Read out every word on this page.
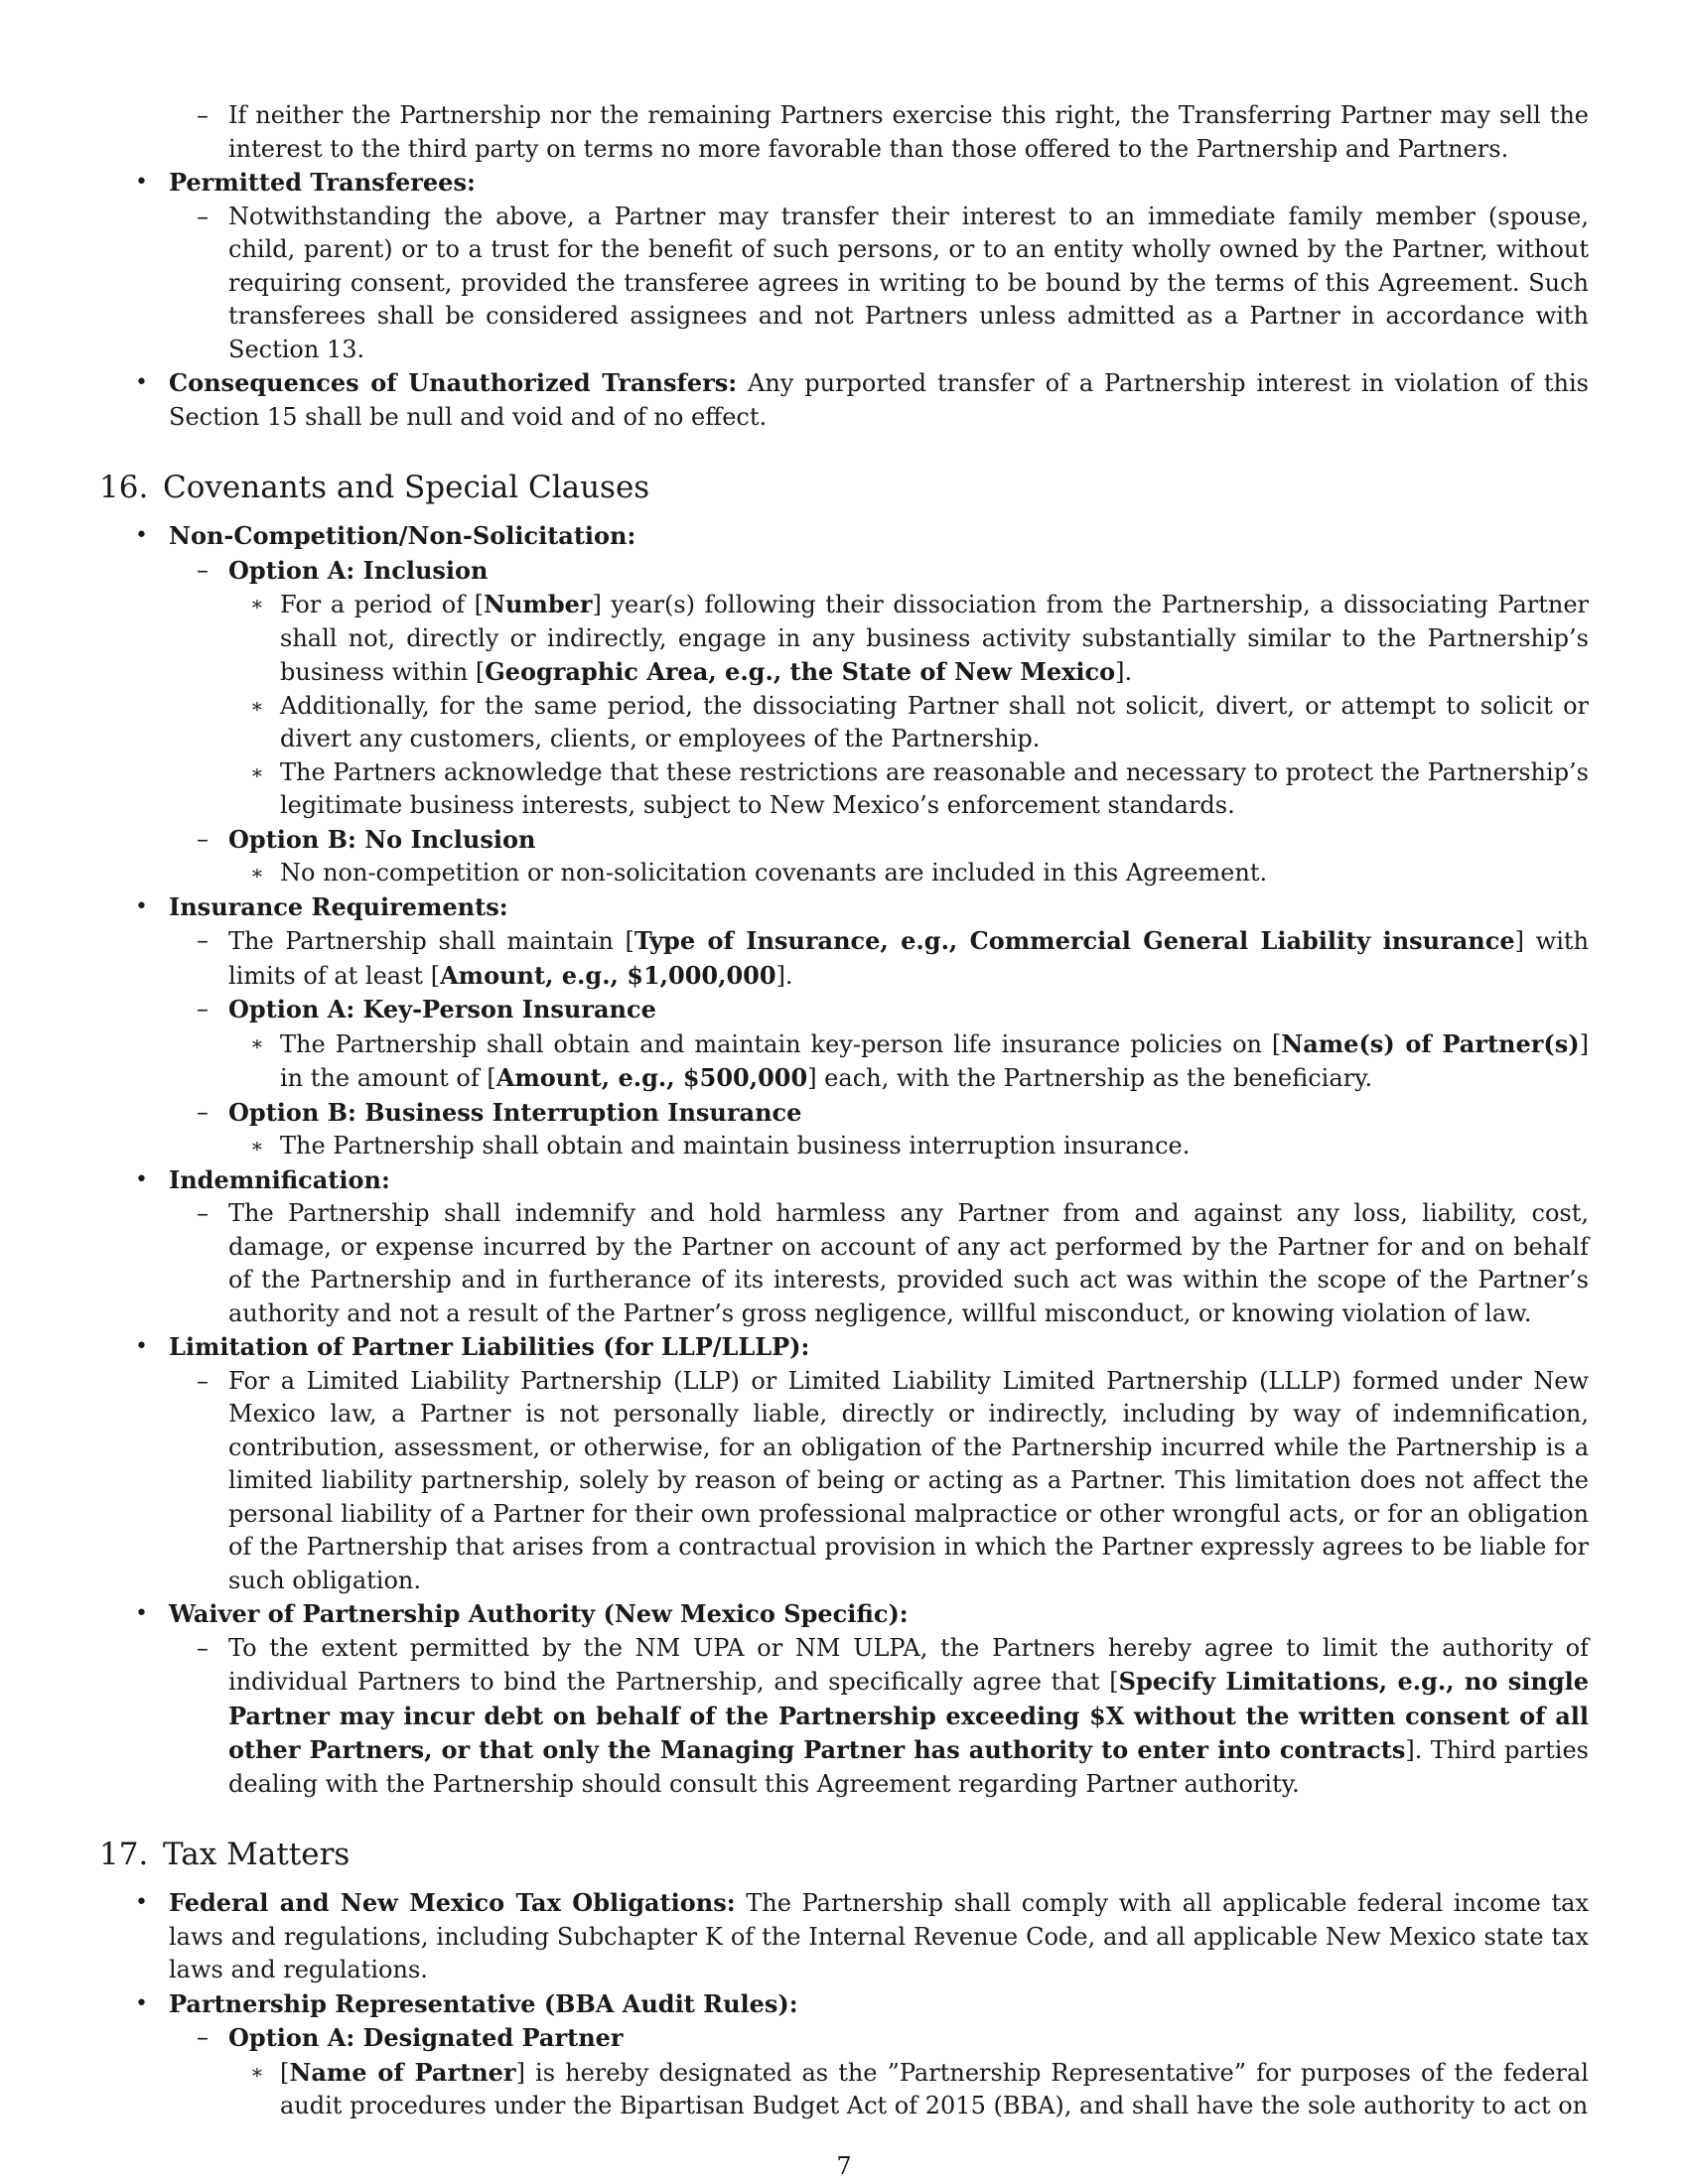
– If neither the Partnership nor the remaining Partners exercise this right, the Transferring Partner may sell the interest to the third party on terms no more favorable than those offered to the Partnership and Partners.
• Permitted Transferees:
– Notwithstanding the above, a Partner may transfer their interest to an immediate family member (spouse, child, parent) or to a trust for the benefit of such persons, or to an entity wholly owned by the Partner, without requiring consent, provided the transferee agrees in writing to be bound by the terms of this Agreement. Such transferees shall be considered assignees and not Partners unless admitted as a Partner in accordance with Section 13.
• Consequences of Unauthorized Transfers: Any purported transfer of a Partnership interest in violation of this Section 15 shall be null and void and of no effect.
16. Covenants and Special Clauses
• Non-Competition/Non-Solicitation:
– Option A: Inclusion
∗ For a period of [Number] year(s) following their dissociation from the Partnership, a dissociating Partner shall not, directly or indirectly, engage in any business activity substantially similar to the Partnership’s business within [Geographic Area, e.g., the State of New Mexico].
∗ Additionally, for the same period, the dissociating Partner shall not solicit, divert, or attempt to solicit or divert any customers, clients, or employees of the Partnership.
∗ The Partners acknowledge that these restrictions are reasonable and necessary to protect the Partnership’s legitimate business interests, subject to New Mexico’s enforcement standards.
– Option B: No Inclusion
∗ No non-competition or non-solicitation covenants are included in this Agreement.
• Insurance Requirements:
– The Partnership shall maintain [Type of Insurance, e.g., Commercial General Liability insurance] with limits of at least [Amount, e.g., $1,000,000].
– Option A: Key-Person Insurance
∗ The Partnership shall obtain and maintain key-person life insurance policies on [Name(s) of Partner(s)] in the amount of [Amount, e.g., $500,000] each, with the Partnership as the beneficiary.
– Option B: Business Interruption Insurance
∗ The Partnership shall obtain and maintain business interruption insurance.
• Indemnification:
– The Partnership shall indemnify and hold harmless any Partner from and against any loss, liability, cost, damage, or expense incurred by the Partner on account of any act performed by the Partner for and on behalf of the Partnership and in furtherance of its interests, provided such act was within the scope of the Partner’s authority and not a result of the Partner’s gross negligence, willful misconduct, or knowing violation of law.
• Limitation of Partner Liabilities (for LLP/LLLP):
– For a Limited Liability Partnership (LLP) or Limited Liability Limited Partnership (LLLP) formed under New Mexico law, a Partner is not personally liable, directly or indirectly, including by way of indemnification, contribution, assessment, or otherwise, for an obligation of the Partnership incurred while the Partnership is a limited liability partnership, solely by reason of being or acting as a Partner. This limitation does not affect the personal liability of a Partner for their own professional malpractice or other wrongful acts, or for an obligation of the Partnership that arises from a contractual provision in which the Partner expressly agrees to be liable for such obligation.
• Waiver of Partnership Authority (New Mexico Specific):
– To the extent permitted by the NM UPA or NM ULPA, the Partners hereby agree to limit the authority of individual Partners to bind the Partnership, and specifically agree that [Specify Limitations, e.g., no single Partner may incur debt on behalf of the Partnership exceeding $X without the written consent of all other Partners, or that only the Managing Partner has authority to enter into contracts]. Third parties dealing with the Partnership should consult this Agreement regarding Partner authority.
17. Tax Matters
• Federal and New Mexico Tax Obligations: The Partnership shall comply with all applicable federal income tax laws and regulations, including Subchapter K of the Internal Revenue Code, and all applicable New Mexico state tax laws and regulations.
• Partnership Representative (BBA Audit Rules):
– Option A: Designated Partner
∗ [Name of Partner] is hereby designated as the ”Partnership Representative” for purposes of the federal audit procedures under the Bipartisan Budget Act of 2015 (BBA), and shall have the sole authority to act on
7
